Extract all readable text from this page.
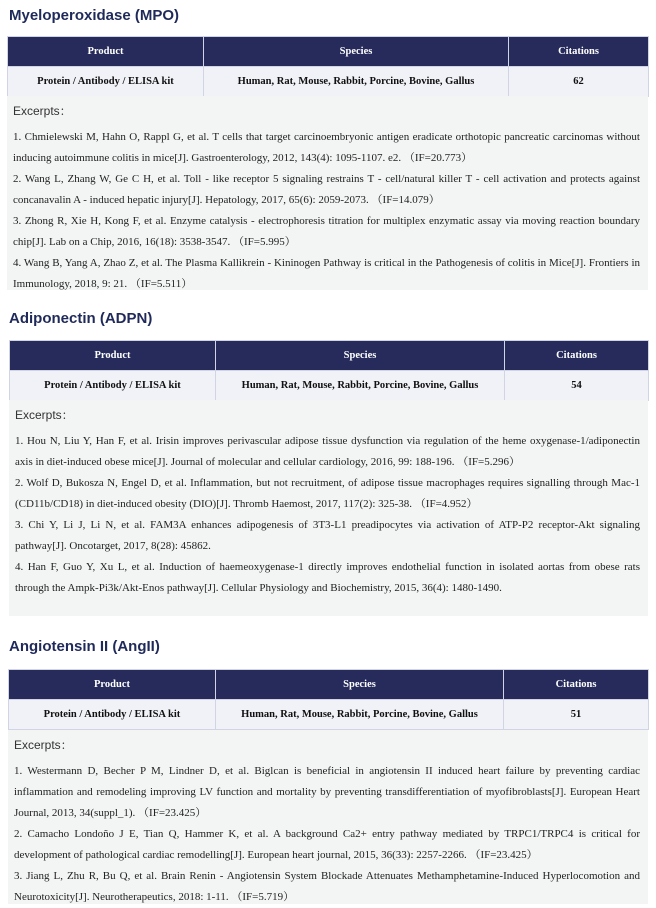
Myeloperoxidase (MPO)
Product	Species	Citations
Protein / Antibody / ELISA kit	Human, Rat, Mouse, Rabbit, Porcine, Bovine, Gallus	62

Excerpts：

1. Chmielewski M, Hahn O, Rappl G, et al. T cells that target carcinoembryonic antigen eradicate orthotopic pancreatic carcinomas without inducing autoimmune colitis in mice[J]. Gastroenterology, 2012, 143(4): 1095-1107. e2. （IF=20.773）
2. Wang L, Zhang W, Ge C H, et al. Toll - like receptor 5 signaling restrains T - cell/natural killer T - cell activation and protects against concanavalin A - induced hepatic injury[J]. Hepatology, 2017, 65(6): 2059-2073. （IF=14.079）
3. Zhong R, Xie H, Kong F, et al. Enzyme catalysis - electrophoresis titration for multiplex enzymatic assay via moving reaction boundary chip[J]. Lab on a Chip, 2016, 16(18): 3538-3547. （IF=5.995）
4. Wang B, Yang A, Zhao Z, et al. The Plasma Kallikrein - Kininogen Pathway is critical in the Pathogenesis of colitis in Mice[J]. Frontiers in Immunology, 2018, 9: 21. （IF=5.511）
Adiponectin (ADPN)
Product	Species	Citations
Protein / Antibody / ELISA kit	Human, Rat, Mouse, Rabbit, Porcine, Bovine, Gallus	54

Excerpts：

1. Hou N, Liu Y, Han F, et al. Irisin improves perivascular adipose tissue dysfunction via regulation of the heme oxygenase-1/adiponectin axis in diet-induced obese mice[J]. Journal of molecular and cellular cardiology, 2016, 99: 188-196. （IF=5.296）
2. Wolf D, Bukosza N, Engel D, et al. Inflammation, but not recruitment, of adipose tissue macrophages requires signalling through Mac-1 (CD11b/CD18) in diet-induced obesity (DIO)[J]. Thromb Haemost, 2017, 117(2): 325-38. （IF=4.952）
3. Chi Y, Li J, Li N, et al. FAM3A enhances adipogenesis of 3T3-L1 preadipocytes via activation of ATP-P2 receptor-Akt signaling pathway[J]. Oncotarget, 2017, 8(28): 45862.
4. Han F, Guo Y, Xu L, et al. Induction of haemeoxygenase-1 directly improves endothelial function in isolated aortas from obese rats through the Ampk-Pi3k/Akt-Enos pathway[J]. Cellular Physiology and Biochemistry, 2015, 36(4): 1480-1490.
Angiotensin II (AngII)
Product	Species	Citations
Protein / Antibody / ELISA kit	Human, Rat, Mouse, Rabbit, Porcine, Bovine, Gallus	51

Excerpts：

1. Westermann D, Becher P M, Lindner D, et al. Biglcan is beneficial in angiotensin II induced heart failure by preventing cardiac inflammation and remodeling improving LV function and mortality by preventing transdifferentiation of myofibroblasts[J]. European Heart Journal, 2013, 34(suppl_1). （IF=23.425）
2. Camacho Londoño J E, Tian Q, Hammer K, et al. A background Ca2+ entry pathway mediated by TRPC1/TRPC4 is critical for development of pathological cardiac remodelling[J]. European heart journal, 2015, 36(33): 2257-2266. （IF=23.425）
3. Jiang L, Zhu R, Bu Q, et al. Brain Renin - Angiotensin System Blockade Attenuates Methamphetamine-Induced Hyperlocomotion and Neurotoxicity[J]. Neurotherapeutics, 2018: 1-11. （IF=5.719）
